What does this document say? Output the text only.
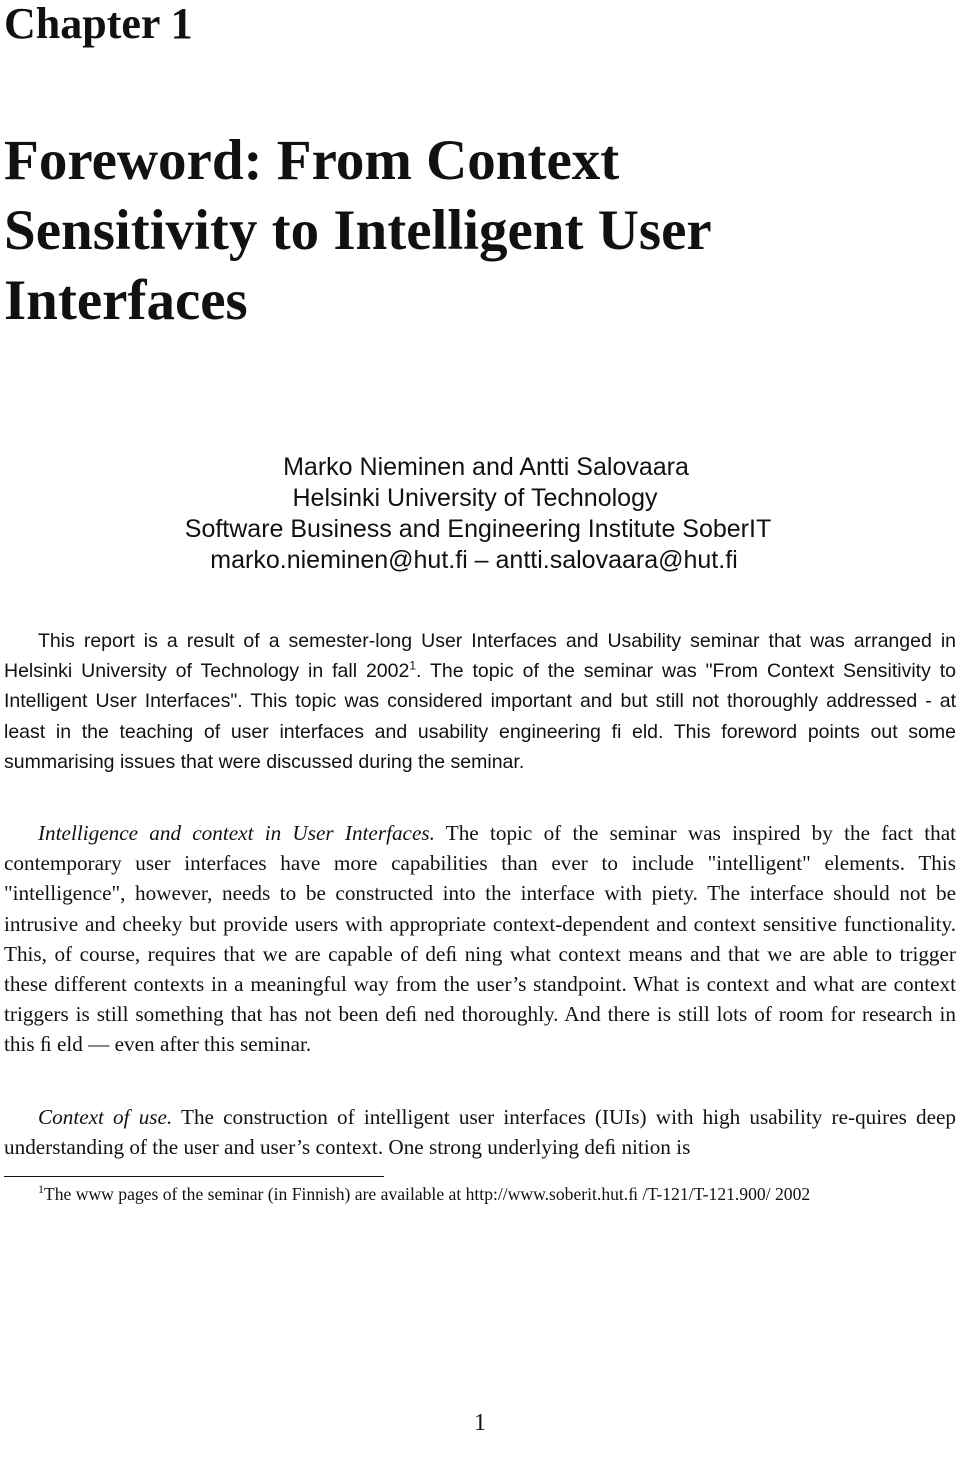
Chapter 1
Foreword: From Context
Sensitivity to Intelligent User
Interfaces
Marko Nieminen and Antti Salovaara
Helsinki University of Technology
Software Business and Engineering Institute SoberIT
marko.nieminen@hut.ﬁ – antti.salovaara@hut.ﬁ

This report is a result of a semester-long User Interfaces and Usability seminar that was arranged in Helsinki University of Technology in fall 2002$^1$. The topic of the seminar was "From Context Sensitivity to Intelligent User Interfaces". This topic was considered important and but still not thoroughly addressed - at least in the teaching of user interfaces and usability engineering ﬁ eld. This foreword points out some summarising issues that were discussed during the seminar.

Intelligence and context in User Interfaces. The topic of the seminar was inspired by the fact that contemporary user interfaces have more capabilities than ever to include "intelligent" elements. This "intelligence", however, needs to be constructed into the interface with piety. The interface should not be intrusive and cheeky but provide users with appropriate context-dependent and context sensitive functionality. This, of course, requires that we are capable of deﬁ ning what context means and that we are able to trigger these different contexts in a meaningful way from the user’s standpoint. What is context and what are context triggers is still something that has not been deﬁ ned thoroughly. And there is still lots of room for research in this ﬁ eld — even after this seminar.

Context of use. The construction of intelligent user interfaces (IUIs) with high usability re-quires deep understanding of the user and user’s context. One strong underlying deﬁ nition is

$^1$The www pages of the seminar (in Finnish) are available at http://www.soberit.hut.ﬁ /T-121/T-121.900/ 2002

1
